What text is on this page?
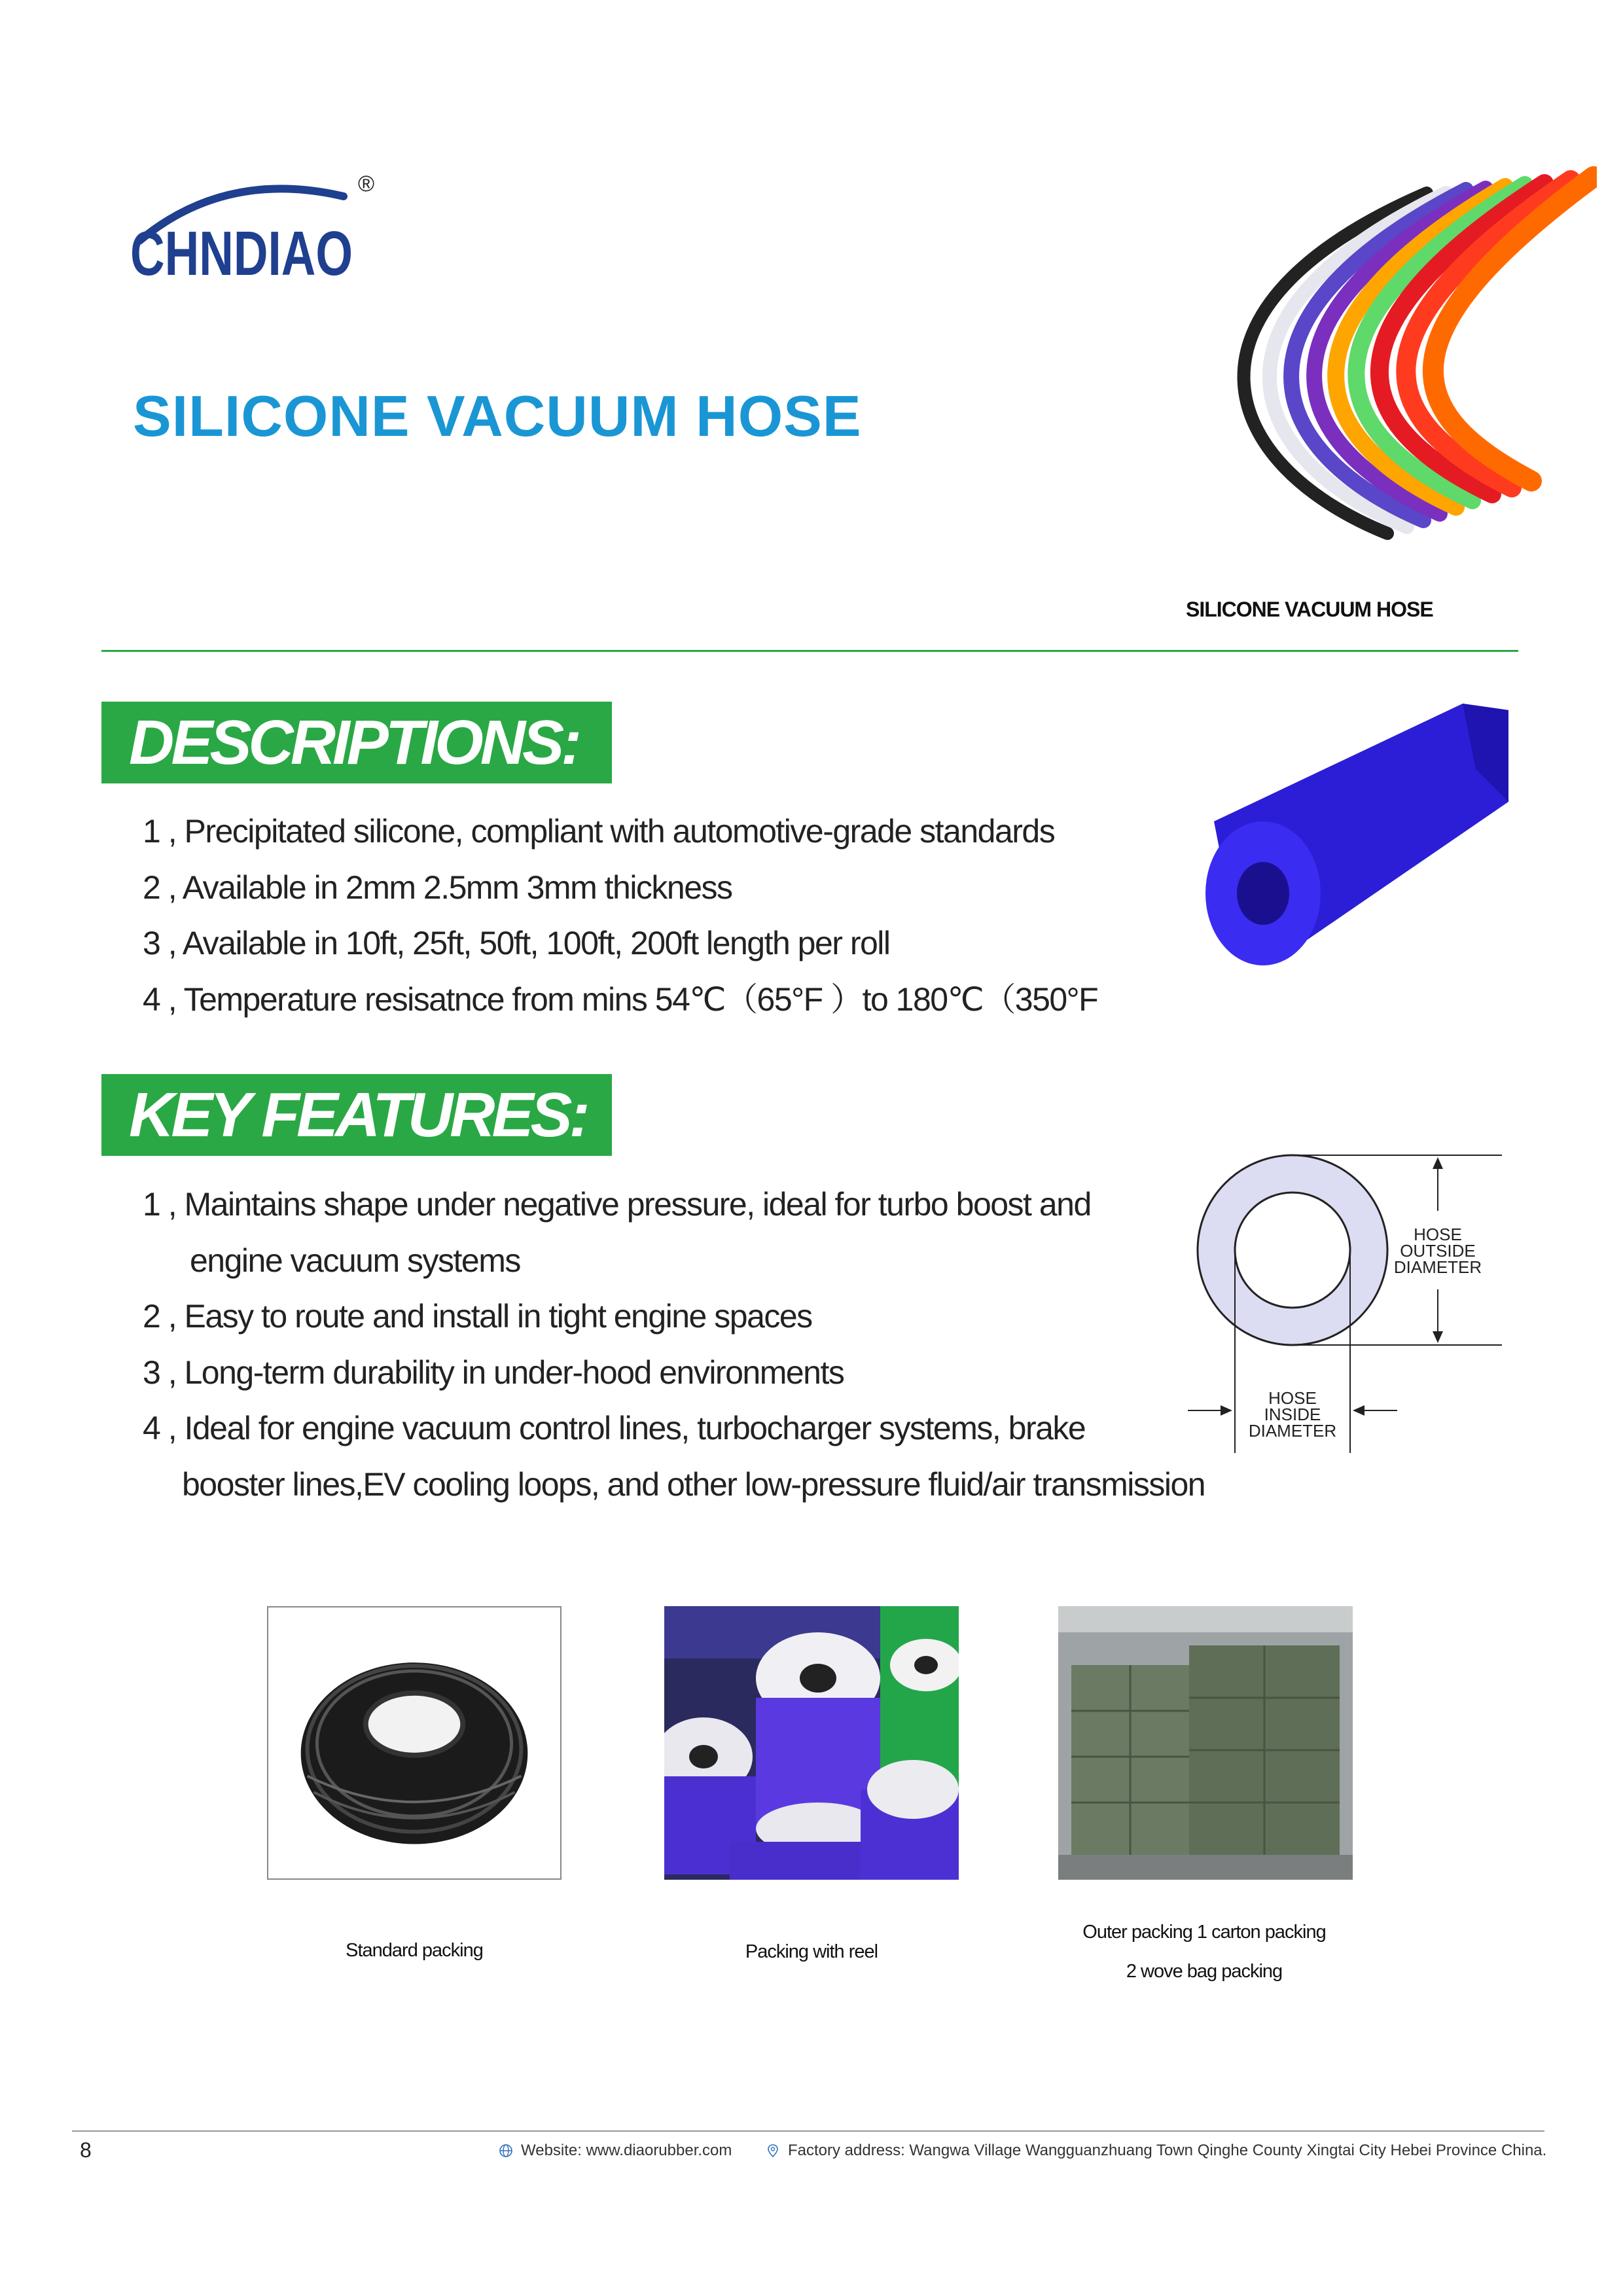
CHNDIAO
®
SILICONE VACUUM HOSE
SILICONE VACUUM HOSE
DESCRIPTIONS:
1 , Precipitated silicone, compliant with automotive-grade standards
2 , Available in 2mm 2.5mm 3mm thickness
3 , Available in 10ft, 25ft, 50ft, 100ft, 200ft length per roll
4 , Temperature resisatnce from mins 54℃（65°F ）to 180℃（350°F
KEY FEATURES:
1 , Maintains shape under negative pressure, ideal for turbo boost and
engine vacuum systems
2 , Easy to route and install in tight engine spaces
3 , Long-term durability in under-hood environments
4 , Ideal for engine vacuum control lines, turbocharger systems, brake
booster lines,EV cooling loops, and other low-pressure fluid/air transmission
HOSE
OUTSIDE
DIAMETER
HOSE
INSIDE
DIAMETER
Standard packing	Packing with reel
Outer packing 1 carton packing
2 wove bag packing
8	Website: www.diaorubber.com	Factory address: Wangwa Village Wangguanzhuang Town Qinghe County Xingtai City Hebei Province China.
